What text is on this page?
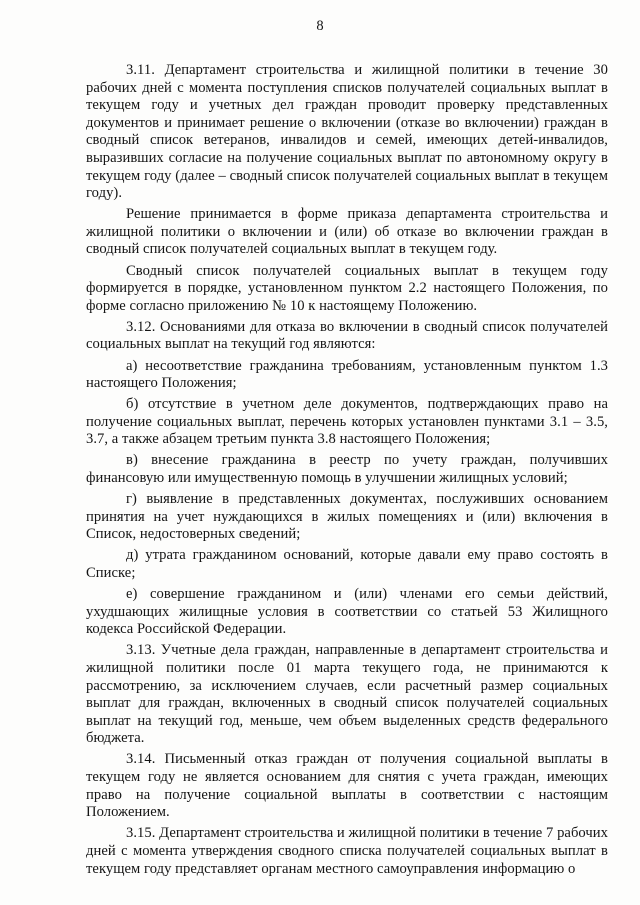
8

3.11. Департамент строительства и жилищной политики в течение 30 рабочих дней с момента поступления списков получателей социальных выплат в текущем году и учетных дел граждан проводит проверку представленных документов и принимает решение о включении (отказе во включении) граждан в сводный список ветеранов, инвалидов и семей, имеющих детей-инвалидов, выразивших согласие на получение социальных выплат по автономному округу в текущем году (далее – сводный список получателей социальных выплат в текущем году).

Решение принимается в форме приказа департамента строительства и жилищной политики о включении и (или) об отказе во включении граждан в сводный список получателей социальных выплат в текущем году.

Сводный список получателей социальных выплат в текущем году формируется в порядке, установленном пунктом 2.2 настоящего Положения, по форме согласно приложению № 10 к настоящему Положению.

3.12. Основаниями для отказа во включении в сводный список получателей социальных выплат на текущий год являются:

а) несоответствие гражданина требованиям, установленным пунктом 1.3 настоящего Положения;

б) отсутствие в учетном деле документов, подтверждающих право на получение социальных выплат, перечень которых установлен пунктами 3.1 – 3.5, 3.7, а также абзацем третьим пункта 3.8 настоящего Положения;

в) внесение гражданина в реестр по учету граждан, получивших финансовую или имущественную помощь в улучшении жилищных условий;

г) выявление в представленных документах, послуживших основанием принятия на учет нуждающихся в жилых помещениях и (или) включения в Список, недостоверных сведений;

д) утрата гражданином оснований, которые давали ему право состоять в Списке;

е) совершение гражданином и (или) членами его семьи действий, ухудшающих жилищные условия в соответствии со статьей 53 Жилищного кодекса Российской Федерации.

3.13. Учетные дела граждан, направленные в департамент строительства и жилищной политики после 01 марта текущего года, не принимаются к рассмотрению, за исключением случаев, если расчетный размер социальных выплат для граждан, включенных в сводный список получателей социальных выплат на текущий год, меньше, чем объем выделенных средств федерального бюджета.

3.14. Письменный отказ граждан от получения социальной выплаты в текущем году не является основанием для снятия с учета граждан, имеющих право на получение социальной выплаты в соответствии с настоящим Положением.

3.15. Департамент строительства и жилищной политики в течение 7 рабочих дней с момента утверждения сводного списка получателей социальных выплат в текущем году представляет органам местного самоуправления информацию о
